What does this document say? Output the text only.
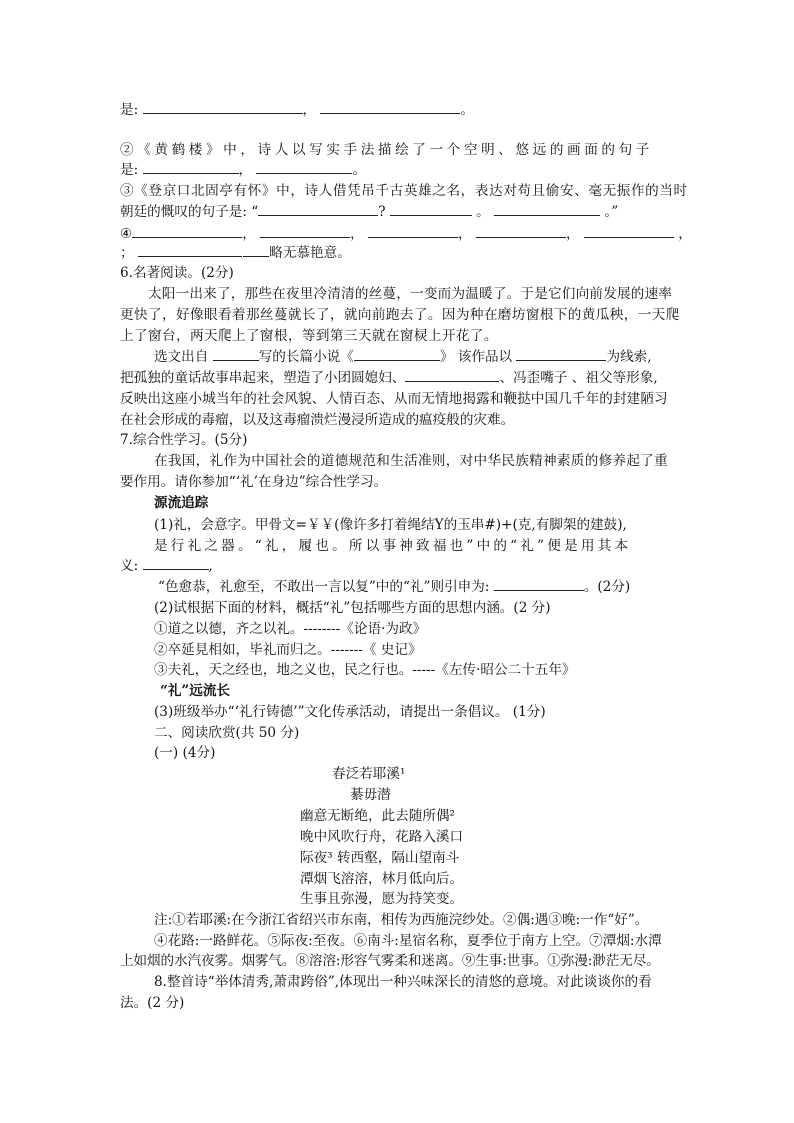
是:	，	。
②《黄鹤楼》中，诗人以写实手法描绘了一个空明、悠远的画面的句子
是:	，	。
③《登京口北固亭有怀》中，诗人借凭吊千古英雄之名，表达对苟且偷安、毫无振作的当时
朝廷的慨叹的句子是: “	?	。	。”
④	，	，	，	，	，
；	略无慕艳意。
6.名著阅读。(2分)
太阳一出来了，那些在夜里冷清清的丝蔓，一变而为温暖了。于是它们向前发展的速率
更快了，好像眼看着那丝蔓就长了，就向前跑去了。因为种在磨坊窗根下的黄瓜秧，一天爬
上了窗台，两天爬上了窗根，等到第三天就在窗棂上开花了。
选文出自	写的长篇小说《	》 该作品以	为线索,
把孤独的童话故事串起来，塑造了小团圆媳妇、	、冯歪嘴子 、祖父等形象,
反映出这座小城当年的社会风貌、人情百态、从而无情地揭露和鞭挞中国几千年的封建陋习
在社会形成的毒瘤，以及这毒瘤溃烂漫浸所造成的瘟疫般的灾难。
7.综合性学习。(5分)
在我国，礼作为中国社会的道德规范和生活准则，对中华民族精神素质的修养起了重
要作用。请你参加“‘礼’在身边”综合性学习。
源流追踪
(1)礼，会意字。甲骨文=￥￥(像许多打着绳结Y的玉串#)+(克,有脚架的建鼓),
是行礼之器。“礼，履也。所以事神致福也”中的“礼”便是用其本
义:	,
“色愈恭，礼愈至，不敢出一言以复”中的“礼”则引申为:	。(2分)
(2)试根据下面的材料，概括“礼”包括哪些方面的思想内涵。(2 分)
①道之以德，齐之以礼。--------《论语·为政》
②卒延見相如，毕礼而归之。-------《 史记》
③夫礼，天之经也，地之义也，民之行也。-----《左传·昭公二十五年》
“礼”远流长
(3)班级举办“‘礼行铸德’”文化传承活动，请提出一条倡议。 (1分)
二、阅读欣赏(共 50 分)
(一) (4分)
春泛若耶溪¹
綦毋潜
幽意无断绝，此去随所偶²
晚中风吹行舟，花路入溪口
际夜³ 转西壑，隔山望南斗
潭烟飞溶溶，林月低向后。
生事且弥漫，愿为持笑变。
注:①若耶溪:在今浙江省绍兴市东南，相传为西施浣纱处。②偶:遇③晚:一作“好”。
④花路:一路鲜花。⑤际夜:至夜。⑥南斗:星宿名称，夏季位于南方上空。⑦潭烟:水潭
上如烟的水汽夜雾。烟雾气。⑧溶溶:形容气雾柔和迷离。⑨生事:世事。①弥漫:渺茫无尽。
8.整首诗“举体清秀,萧肃跨俗”,体现出一种兴味深长的清悠的意境。对此谈谈你的看
法。(2 分)
